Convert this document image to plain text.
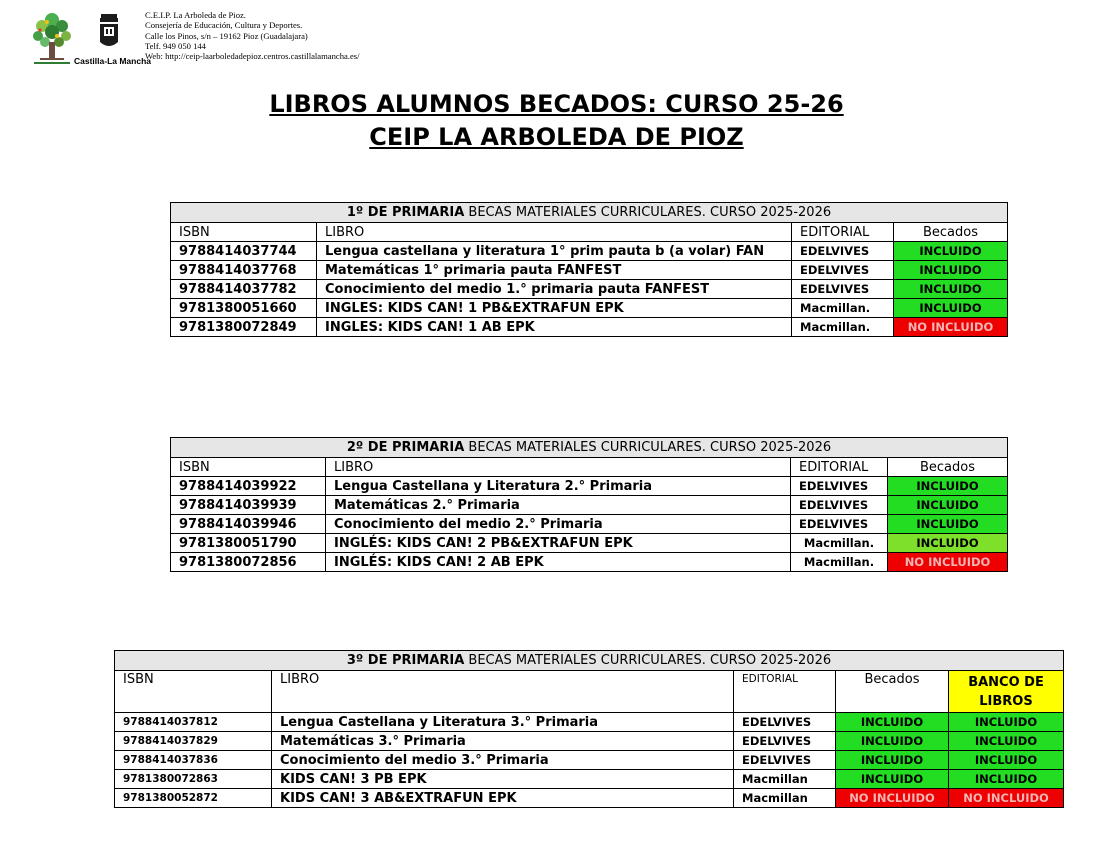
Castilla-La Mancha
C.E.I.P. La Arboleda de Pioz.
Consejería de Educación, Cultura y Deportes.
Calle los Pinos, s/n – 19162 Pioz (Guadalajara)
Telf. 949 050 144
Web: http://ceip-laarboledadepioz.centros.castillalamancha.es/
LIBROS ALUMNOS BECADOS: CURSO 25-26
CEIP LA ARBOLEDA DE PIOZ
1º DE PRIMARIA BECAS MATERIALES CURRICULARES. CURSO 2025-2026			
ISBN	LIBRO	EDITORIAL	Becados
9788414037744	Lengua castellana y literatura 1° prim pauta b (a volar) FAN	EDELVIVES	INCLUIDO
9788414037768	Matemáticas 1° primaria pauta FANFEST	EDELVIVES	INCLUIDO
9788414037782	Conocimiento del medio 1.° primaria pauta FANFEST	EDELVIVES	INCLUIDO
9781380051660	INGLES: KIDS CAN! 1 PB&EXTRAFUN EPK	Macmillan.	INCLUIDO
9781380072849	INGLES: KIDS CAN! 1 AB EPK	Macmillan.	NO INCLUIDO
2º DE PRIMARIA BECAS MATERIALES CURRICULARES. CURSO 2025-2026			
ISBN	LIBRO	EDITORIAL	Becados
9788414039922	Lengua Castellana y Literatura 2.° Primaria	EDELVIVES	INCLUIDO
9788414039939	Matemáticas 2.° Primaria	EDELVIVES	INCLUIDO
9788414039946	Conocimiento del medio 2.° Primaria	EDELVIVES	INCLUIDO
9781380051790	INGLÉS: KIDS CAN! 2 PB&EXTRAFUN EPK	Macmillan.	INCLUIDO
9781380072856	INGLÉS: KIDS CAN! 2 AB EPK	Macmillan.	NO INCLUIDO
3º DE PRIMARIA BECAS MATERIALES CURRICULARES. CURSO 2025-2026				
ISBN	LIBRO	EDITORIAL	Becados	BANCO DE LIBROS
9788414037812	Lengua Castellana y Literatura 3.° Primaria	EDELVIVES	INCLUIDO	INCLUIDO
9788414037829	Matemáticas 3.° Primaria	EDELVIVES	INCLUIDO	INCLUIDO
9788414037836	Conocimiento del medio 3.° Primaria	EDELVIVES	INCLUIDO	INCLUIDO
9781380072863	KIDS CAN! 3 PB EPK	Macmillan	INCLUIDO	INCLUIDO
9781380052872	KIDS CAN! 3 AB&EXTRAFUN EPK	Macmillan	NO INCLUIDO	NO INCLUIDO
